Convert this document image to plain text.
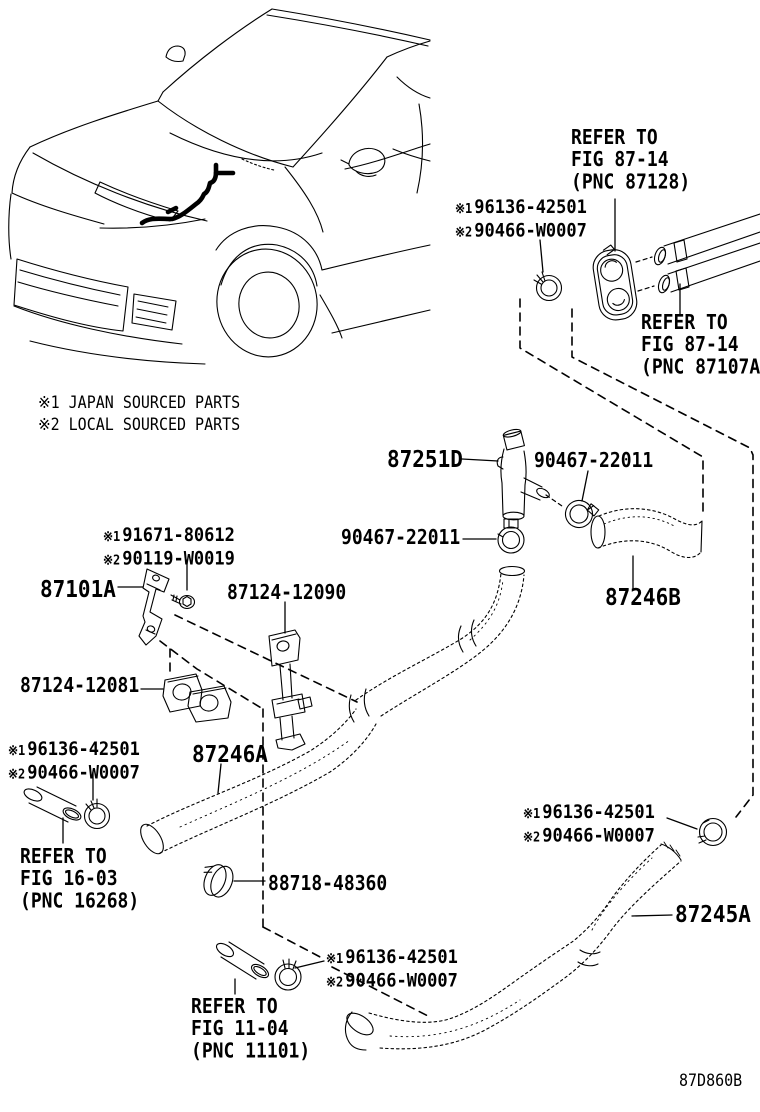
REFER TO
FIG 87-14
(PNC 87128)
※1 96136-42501
※2 90466-W0007
REFER TO
FIG 87-14
(PNC 87107A
※1 JAPAN SOURCED PARTS
※2 LOCAL SOURCED PARTS
87251D	90467-22011
90467-22011
87246B
※1 91671-80612
※2 90119-W0019
87101A	87124-12090
87124-12081
※1 96136-42501
※2 90466-W0007
87246A
REFER TO
FIG 16-03
(PNC 16268)
88718-48360
※1 96136-42501
※2 90466-W0007
87245A
※1 96136-42501
※2 90466-W0007
REFER TO
FIG 11-04
(PNC 11101)
87D860B
